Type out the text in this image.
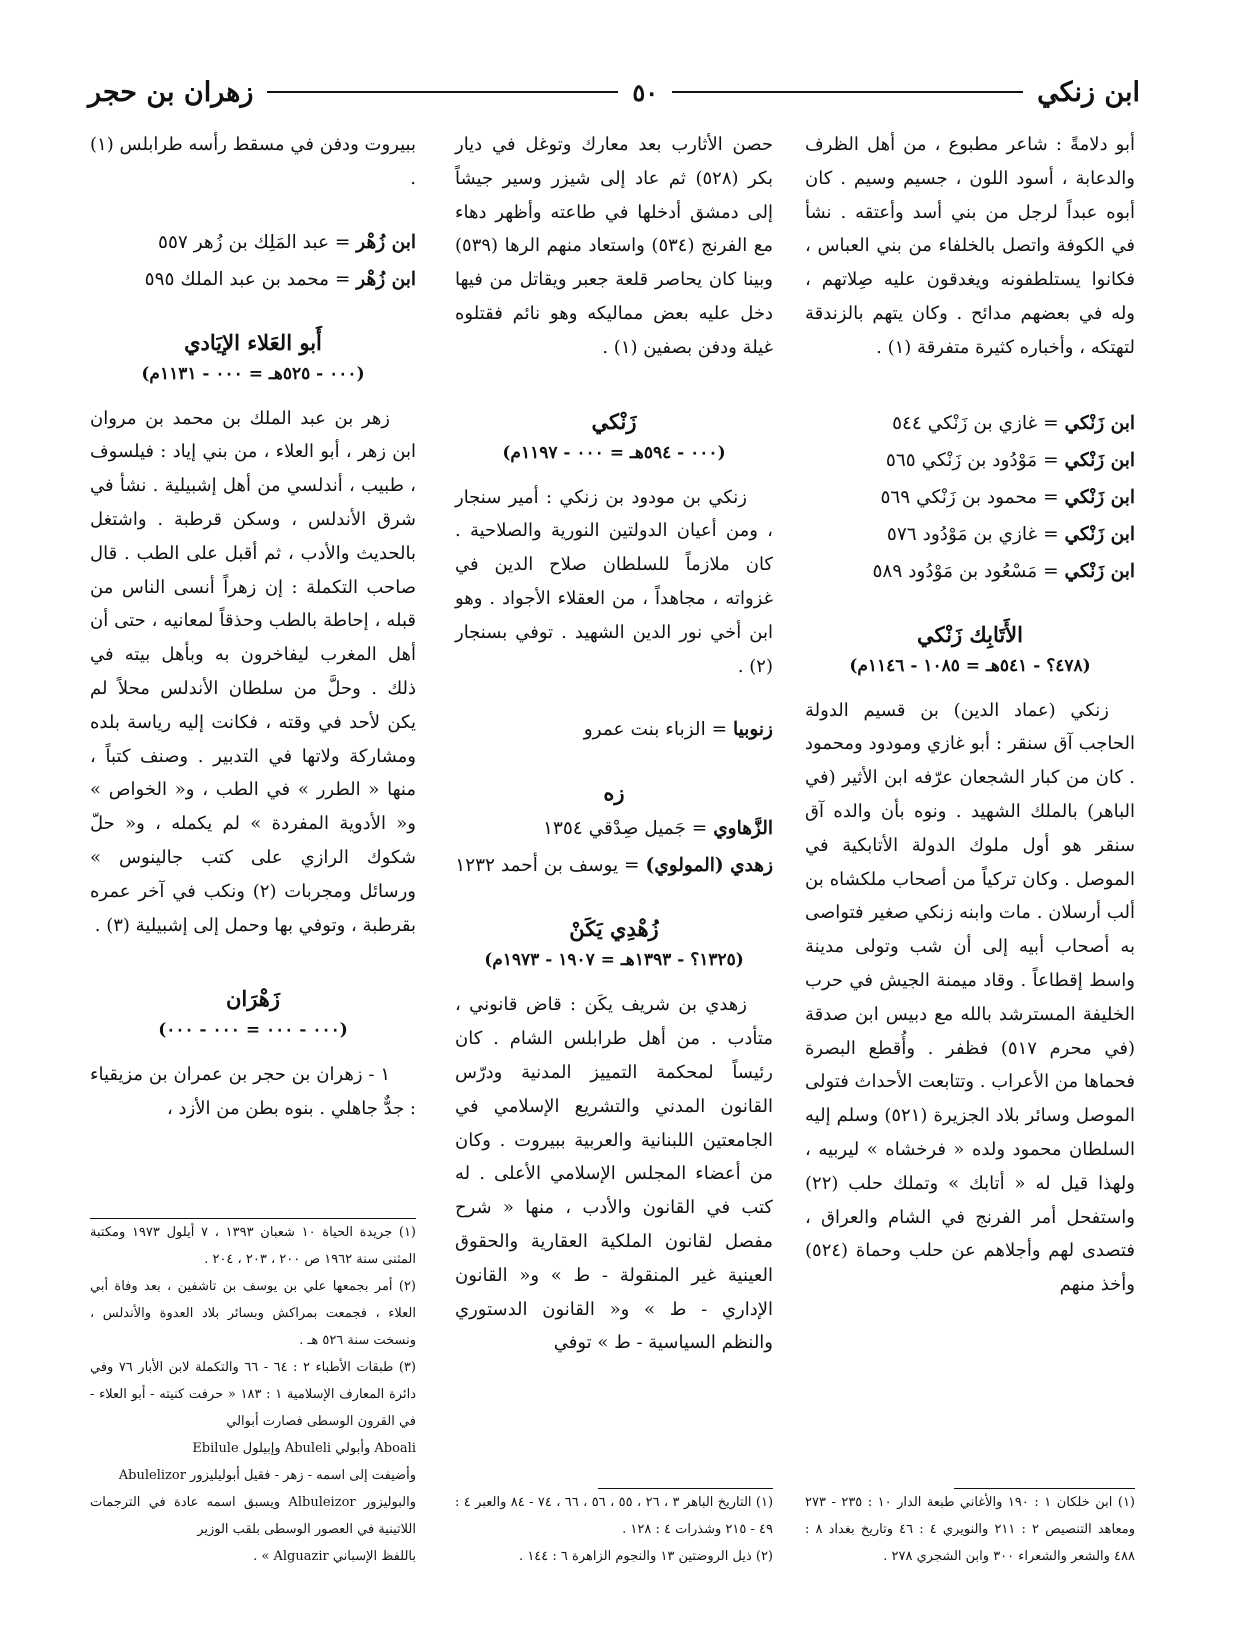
ابن زنكي
٥٠
زهران بن حجر

أبو دلامةً : شاعر مطبوع ، من أهل الظرف والدعابة ، أسود اللون ، جسيم وسيم . كان أبوه عبداً لرجل من بني أسد وأعتقه . نشأ في الكوفة واتصل بالخلفاء من بني العباس ، فكانوا يستلطفونه ويغدقون عليه صِلاتهم ، وله في بعضهم مدائح . وكان يتهم بالزندقة لتهتكه ، وأخباره كثيرة متفرقة (١) .

ابن زَنْكي = غازي بن زَنْكي ٥٤٤
ابن زَنْكي = مَوْدُود بن زَنْكي ٥٦٥
ابن زَنْكي = محمود بن زَنْكي ٥٦٩
ابن زَنْكي = غازي بن مَوْدُود ٥٧٦
ابن زَنْكي = مَسْعُود بن مَوْدُود ٥٨٩
الأَتَابِك زَنْكي
(٤٧٨؟ - ٥٤١هـ = ١٠٨٥ - ١١٤٦م)

زنكي (عماد الدين) بن قسيم الدولة الحاجب آق سنقر : أبو غازي ومودود ومحمود . كان من كبار الشجعان عرّفه ابن الأثير (في الباهر) بالملك الشهيد . ونوه بأن والده آق سنقر هو أول ملوك الدولة الأتابكية في الموصل . وكان تركياً من أصحاب ملكشاه بن ألب أرسلان . مات وابنه زنكي صغير فتواصى به أصحاب أبيه إلى أن شب وتولى مدينة واسط إقطاعاً . وقاد ميمنة الجيش في حرب الخليفة المسترشد بالله مع دبيس ابن صدقة (في محرم ٥١٧) فظفر . وأُقطع البصرة فحماها من الأعراب . وتتابعت الأحداث فتولى الموصل وسائر بلاد الجزيرة (٥٢١) وسلم إليه السلطان محمود ولده « فرخشاه » ليربيه ، ولهذا قيل له « أتابك » وتملك حلب (٢٢) واستفحل أمر الفرنج في الشام والعراق ، فتصدى لهم وأجلاهم عن حلب وحماة (٥٢٤) وأخذ منهم

(١) ابن خلكان ١ : ١٩٠ والأغاني طبعة الدار ١٠ : ٢٣٥ - ٢٧٣ ومعاهد التنصيص ٢ : ٢١١ والنويري ٤ : ٤٦ وتاريخ بغداد ٨ : ٤٨٨ والشعر والشعراء ٣٠٠ وابن الشجري ٢٧٨ .

حصن الأثارب بعد معارك وتوغل في ديار بكر (٥٢٨) ثم عاد إلى شيزر وسير جيشاً إلى دمشق أدخلها في طاعته وأظهر دهاء مع الفرنج (٥٣٤) واستعاد منهم الرها (٥٣٩) وبينا كان يحاصر قلعة جعبر ويقاتل من فيها دخل عليه بعض مماليكه وهو نائم فقتلوه غيلة ودفن بصفين (١) .

زَنْكي
(٠٠٠ - ٥٩٤هـ = ٠٠٠ - ١١٩٧م)

زنكي بن مودود بن زنكي : أمير سنجار ، ومن أعيان الدولتين النورية والصلاحية . كان ملازماً للسلطان صلاح الدين في غزواته ، مجاهداً ، من العقلاء الأجواد . وهو ابن أخي نور الدين الشهيد . توفي بسنجار (٢) .

زنوبيا = الزباء بنت عمرو
زه
الزَّهاوي = جَميل صِدْقي ١٣٥٤
زهدي (المولوي) = يوسف بن أحمد ١٢٣٢
زُهْدِي يَكَنْ
(١٣٢٥؟ - ١٣٩٣هـ = ١٩٠٧ - ١٩٧٣م)

زهدي بن شريف يكَن : قاض قانوني ، متأدب . من أهل طرابلس الشام . كان رئيساً لمحكمة التمييز المدنية ودرّس القانون المدني والتشريع الإسلامي في الجامعتين اللبنانية والعربية ببيروت . وكان من أعضاء المجلس الإسلامي الأعلى . له كتب في القانون والأدب ، منها « شرح مفصل لقانون الملكية العقارية والحقوق العينية غير المنقولة - ط » و« القانون الإداري - ط » و« القانون الدستوري والنظم السياسية - ط » توفي

(١) التاريخ الباهر ٣ ، ٢٦ ، ٥٥ ، ٥٦ ، ٦٦ ، ٧٤ - ٨٤ والعبر ٤ : ٤٩ - ٢١٥ وشذرات ٤ : ١٢٨ .

(٢) ذيل الروضتين ١٣ والنجوم الزاهرة ٦ : ١٤٤ .

ببيروت ودفن في مسقط رأسه طرابلس (١) .

ابن زُهْر = عبد المَلِك بن زُهر ٥٥٧
ابن زُهْر = محمد بن عبد الملك ٥٩٥
أَبو العَلاء الإيَادي
(٠٠٠ - ٥٢٥هـ = ٠٠٠ - ١١٣١م)

زهر بن عبد الملك بن محمد بن مروان ابن زهر ، أبو العلاء ، من بني إياد : فيلسوف ، طبيب ، أندلسي من أهل إشبيلية . نشأ في شرق الأندلس ، وسكن قرطبة . واشتغل بالحديث والأدب ، ثم أقبل على الطب . قال صاحب التكملة : إن زهراً أنسى الناس من قبله ، إحاطة بالطب وحذقاً لمعانيه ، حتى أن أهل المغرب ليفاخرون به وبأهل بيته في ذلك . وحلَّ من سلطان الأندلس محلاً لم يكن لأحد في وقته ، فكانت إليه رياسة بلده ومشاركة ولاتها في التدبير . وصنف كتباً ، منها « الطرر » في الطب ، و« الخواص » و« الأدوية المفردة » لم يكمله ، و« حلّ شكوك الرازي على كتب جالينوس » ورسائل ومجربات (٢) ونكب في آخر عمره بقرطبة ، وتوفي بها وحمل إلى إشبيلية (٣) .

زَهْرَان
(٠٠٠ - ٠٠٠ = ٠٠٠ - ٠٠٠)

١ - زهران بن حجر بن عمران بن مزيقياء : جدٌّ جاهلي . بنوه بطن من الأزد ،

(١) جريدة الحياة ١٠ شعبان ١٣٩٣ ، ٧ أيلول ١٩٧٣ ومكتبة المثنى سنة ١٩٦٢ ص ٢٠٠ ، ٢٠٣ ، ٢٠٤ .

(٢) أمر بجمعها علي بن يوسف بن تاشفين ، بعد وفاة أبي العلاء ، فجمعت بمراكش وبسائر بلاد العدوة والأندلس ، ونسخت سنة ٥٢٦ هـ .

(٣) طبقات الأطباء ٢ : ٦٤ - ٦٦ والتكملة لابن الأبار ٧٦ وفي دائرة المعارف الإسلامية ١ : ١٨٣ « حرفت كنيته - أبو العلاء - في القرون الوسطى فصارت أبوالي

Aboali وأبولي Abuleli وإبيلول Ebilule

وأضيفت إلى اسمه - زهر - فقيل أبوليليزور Abulelizor

والبوليزور Albuleizor ويسبق اسمه عادة في الترجمات اللاتينية في العصور الوسطى بلقب الوزير

باللفظ الإسباني Alguazir » .
